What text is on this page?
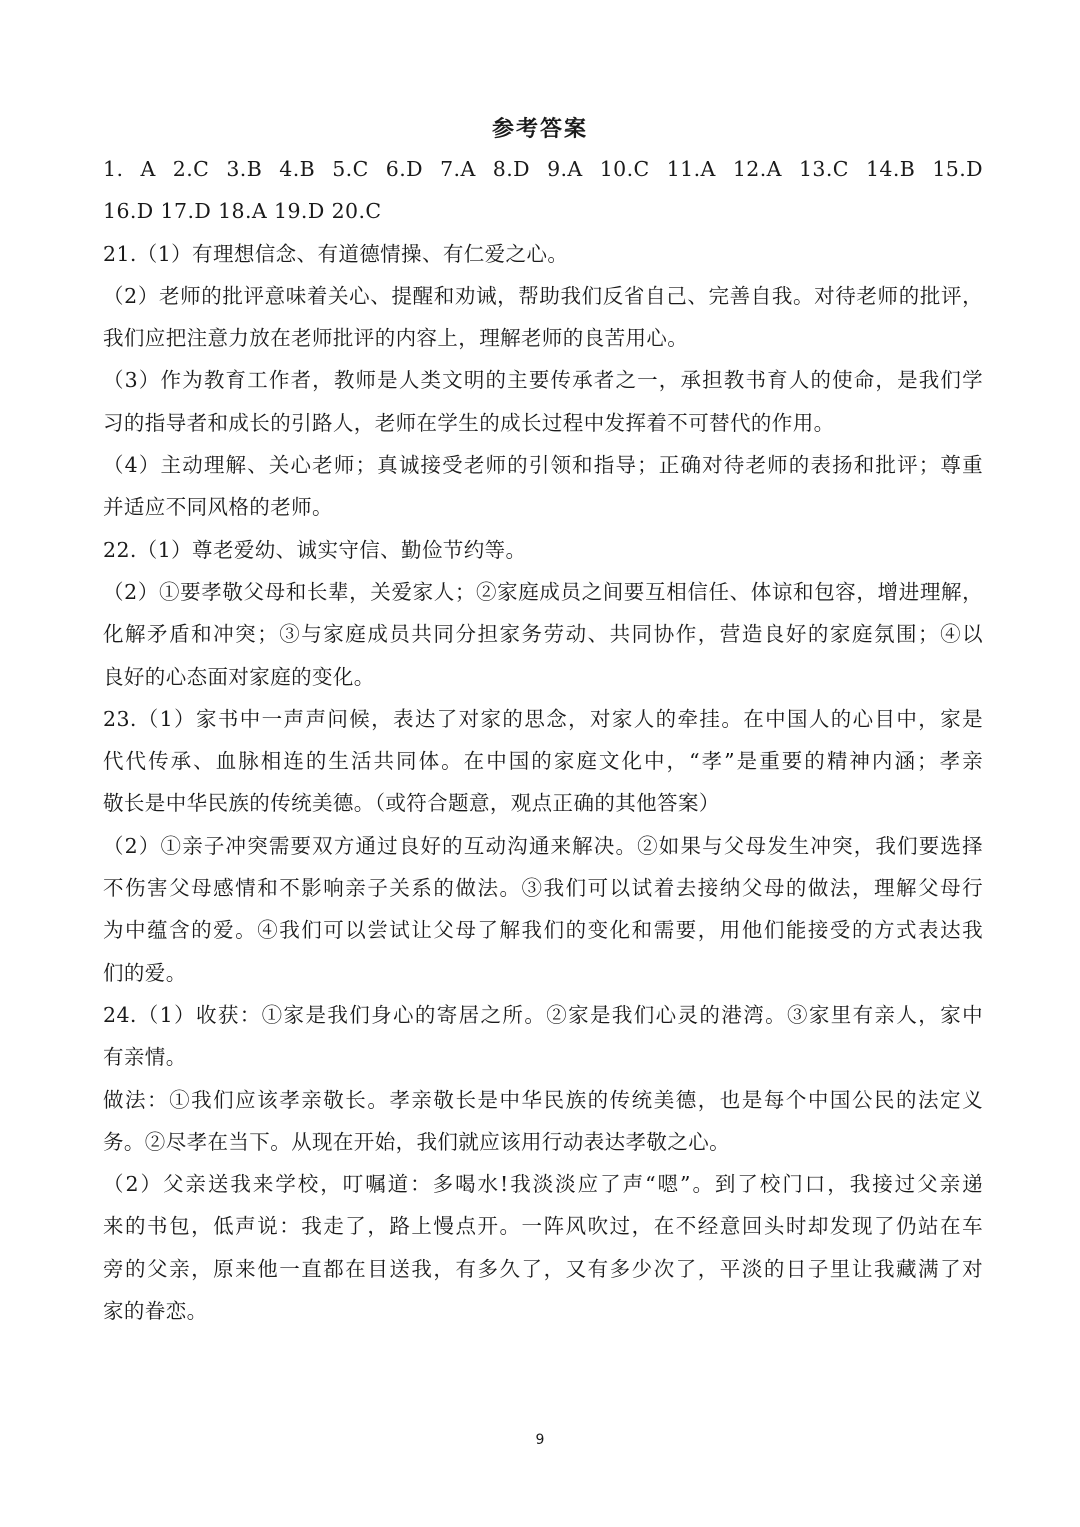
参考答案
1. A 2.C 3.B 4.B 5.C 6.D 7.A 8.D 9.A 10.C 11.A 12.A 13.C 14.B 15.D
16.D 17.D 18.A 19.D 20.C
21.（1）有理想信念、有道德情操、有仁爱之心。
（2）老师的批评意味着关心、提醒和劝诫，帮助我们反省自己、完善自我。对待老师的批评，
我们应把注意力放在老师批评的内容上，理解老师的良苦用心。
（3）作为教育工作者，教师是人类文明的主要传承者之一，承担教书育人的使命，是我们学
习的指导者和成长的引路人，老师在学生的成长过程中发挥着不可替代的作用。
（4）主动理解、关心老师；真诚接受老师的引领和指导；正确对待老师的表扬和批评；尊重
并适应不同风格的老师。
22.（1）尊老爱幼、诚实守信、勤俭节约等。
（2）①要孝敬父母和长辈，关爱家人；②家庭成员之间要互相信任、体谅和包容，增进理解，
化解矛盾和冲突；③与家庭成员共同分担家务劳动、共同协作，营造良好的家庭氛围；④以
良好的心态面对家庭的变化。
23.（1）家书中一声声问候，表达了对家的思念，对家人的牵挂。在中国人的心目中，家是
代代传承、血脉相连的生活共同体。在中国的家庭文化中，“孝”是重要的精神内涵；孝亲
敬长是中华民族的传统美德。（或符合题意，观点正确的其他答案）
（2）①亲子冲突需要双方通过良好的互动沟通来解决。②如果与父母发生冲突，我们要选择
不伤害父母感情和不影响亲子关系的做法。③我们可以试着去接纳父母的做法，理解父母行
为中蕴含的爱。④我们可以尝试让父母了解我们的变化和需要，用他们能接受的方式表达我
们的爱。
24.（1）收获：①家是我们身心的寄居之所。②家是我们心灵的港湾。③家里有亲人，家中
有亲情。
做法：①我们应该孝亲敬长。孝亲敬长是中华民族的传统美德，也是每个中国公民的法定义
务。②尽孝在当下。从现在开始，我们就应该用行动表达孝敬之心。
（2）父亲送我来学校，叮嘱道：多喝水!我淡淡应了声“嗯”。到了校门口，我接过父亲递
来的书包，低声说：我走了，路上慢点开。一阵风吹过，在不经意回头时却发现了仍站在车
旁的父亲，原来他一直都在目送我，有多久了，又有多少次了，平淡的日子里让我藏满了对
家的眷恋。
9
